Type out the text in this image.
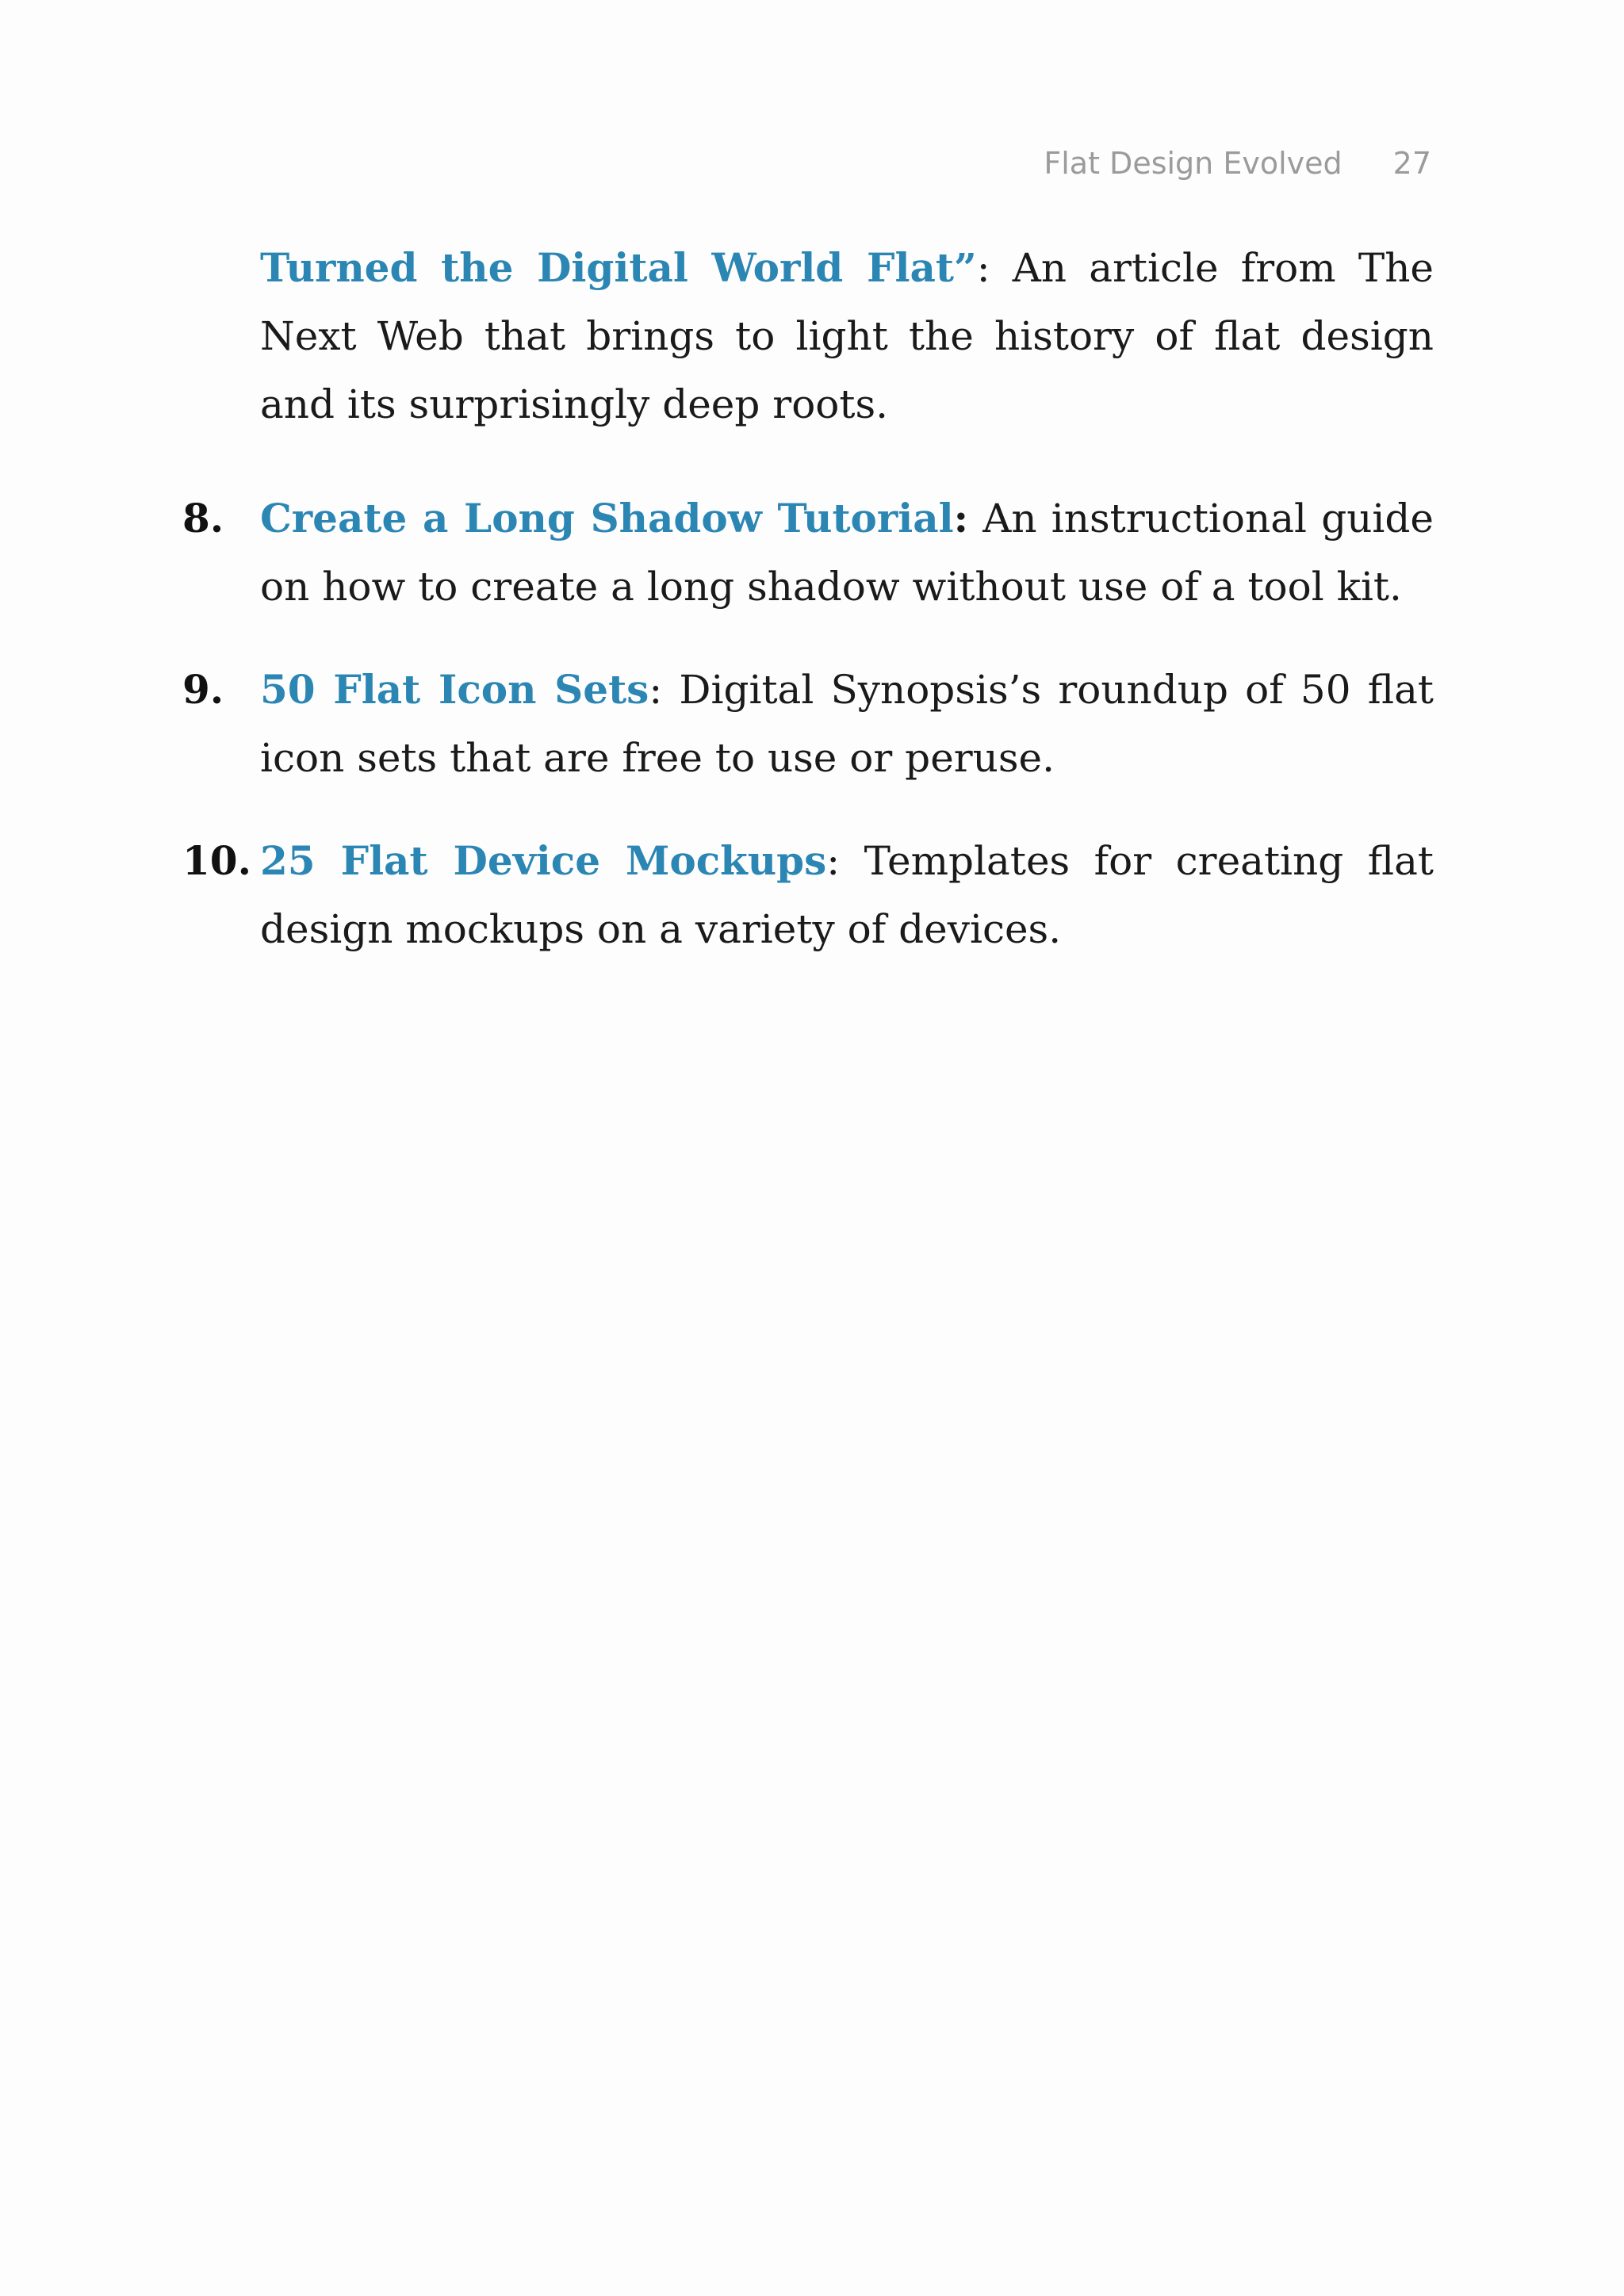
Flat Design Evolved 27
Turned the Digital World Flat”: An article from The Next Web that brings to light the history of flat design and its surprisingly deep roots.
8. Create a Long Shadow Tutorial: An instructional guide on how to create a long shadow without use of a tool kit.
9. 50 Flat Icon Sets: Digital Synopsis’s roundup of 50 flat icon sets that are free to use or peruse.
10. 25 Flat Device Mockups: Templates for creating flat design mockups on a variety of devices.
